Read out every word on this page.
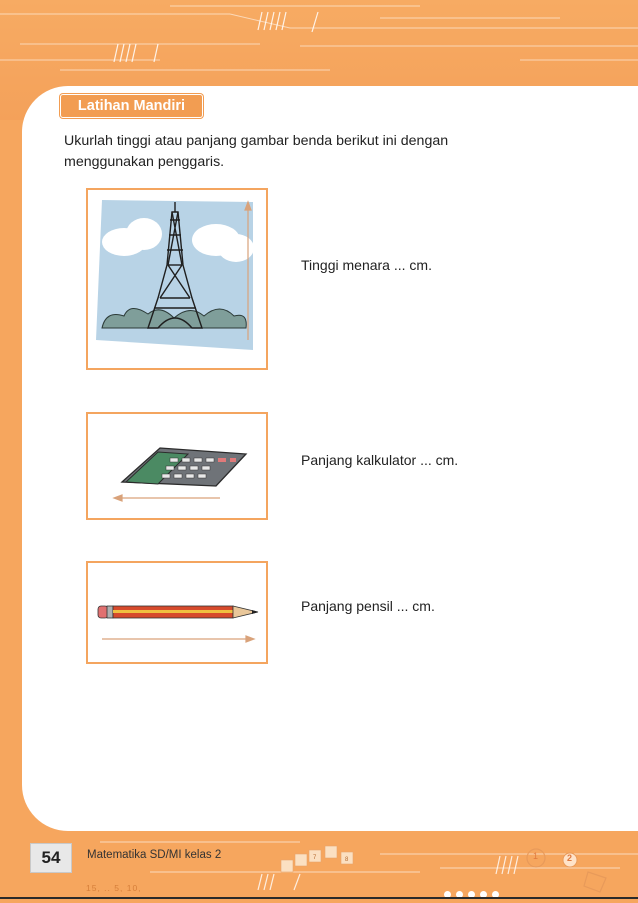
Latihan Mandiri
Ukurlah tinggi atau panjang gambar benda berikut ini dengan menggunakan penggaris.
Tinggi menara ... cm.
Panjang kalkulator ... cm.
Panjang pensil ... cm.
7	8	1	2
54	Matematika SD/MI kelas 2
15, .. 5, 10,
